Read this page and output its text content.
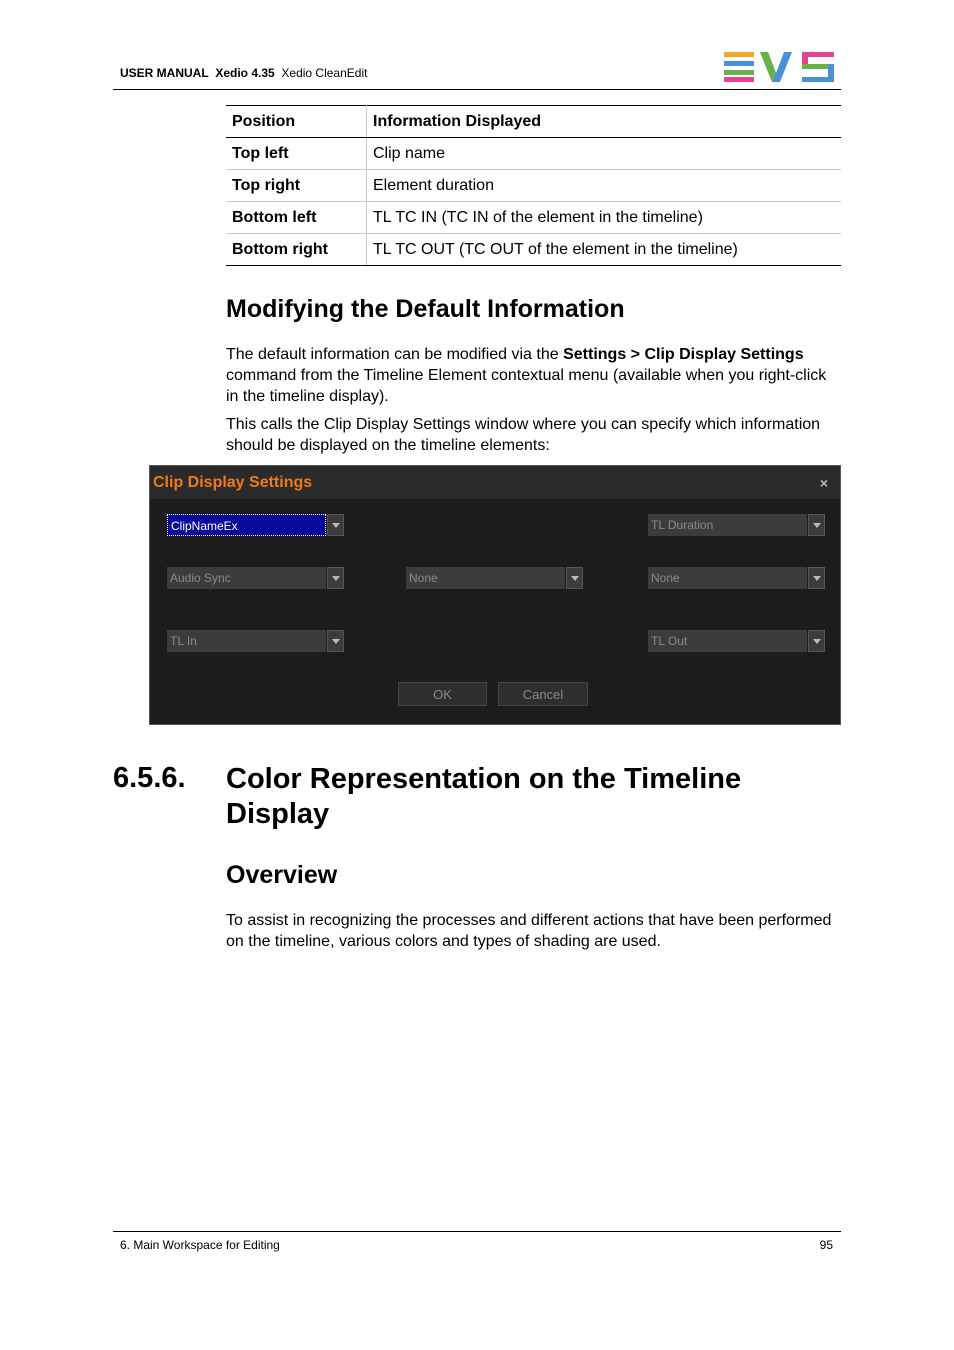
USER MANUAL Xedio 4.35 Xedio CleanEdit
Position	Information Displayed
Top left	Clip name
Top right	Element duration
Bottom left	TL TC IN (TC IN of the element in the timeline)
Bottom right	TL TC OUT (TC OUT of the element in the timeline)
Modifying the Default Information

The default information can be modified via the Settings > Clip Display Settings command from the Timeline Element contextual menu (available when you right-click in the timeline display).

This calls the Clip Display Settings window where you can specify which information should be displayed on the timeline elements:

Clip Display Settings	×
ClipNameEx	TL Duration
Audio Sync	None	None
TL In	TL Out
OK	Cancel
6.5.6. Color Representation on the Timeline Display
Overview

To assist in recognizing the processes and different actions that have been performed on the timeline, various colors and types of shading are used.

6. Main Workspace for Editing	95
